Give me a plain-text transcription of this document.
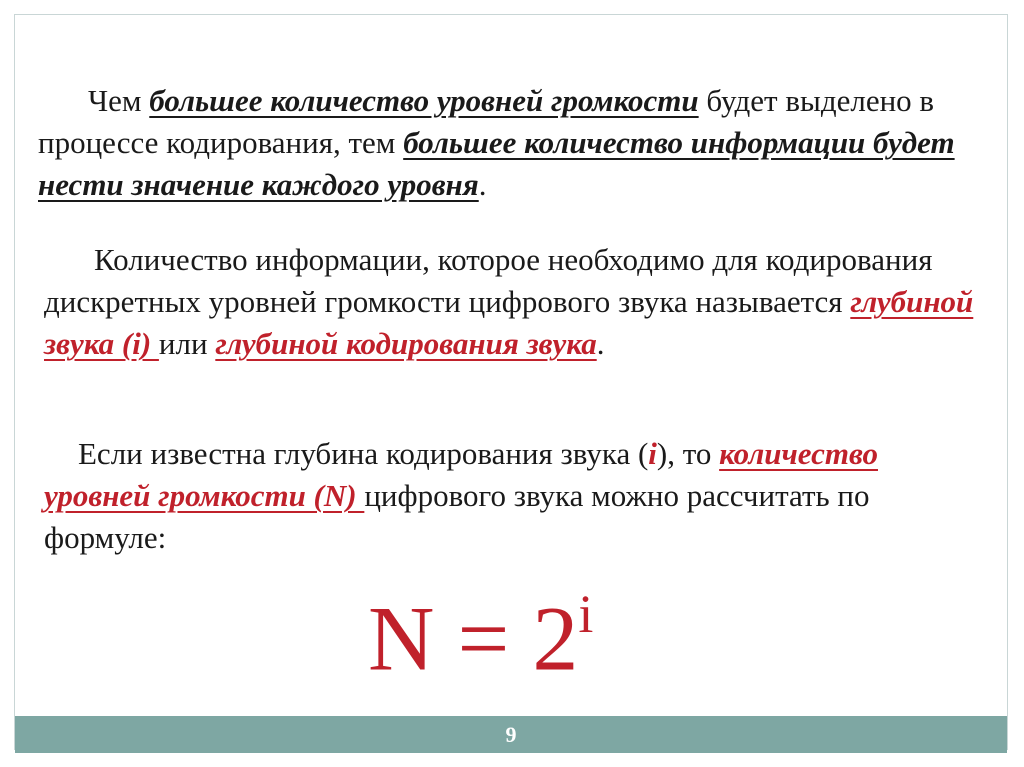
Чем большее количество уровней громкости будет выделено в процессе кодирования, тем большее количество информации будет нести значение каждого уровня.

Количество информации, которое необходимо для кодирования дискретных уровней громкости цифрового звука называется глубиной звука (i) или глубиной кодирования звука.

Если известна глубина кодирования звука (i), то количество уровней громкости (N) цифрового звука можно рассчитать по формуле:

$N = 2^i$
9
